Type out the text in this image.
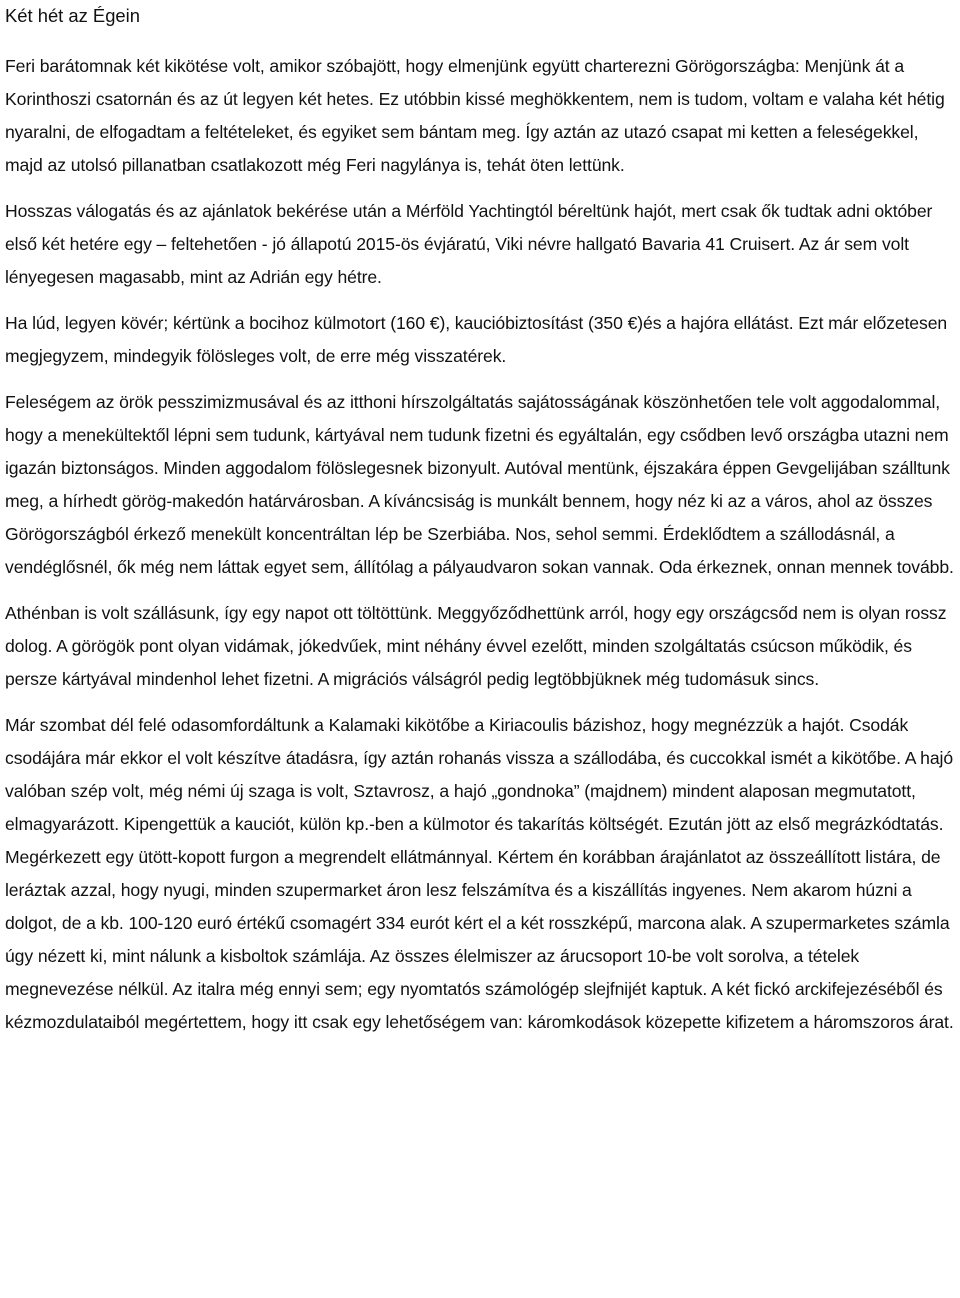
Két hét az Égein
Feri barátomnak két kikötése volt, amikor szóbajött, hogy elmenjünk együtt charterezni Görögországba: Menjünk át a Korinthoszi csatornán és az út legyen két hetes. Ez utóbbin kissé meghökkentem, nem is tudom, voltam e valaha két hétig nyaralni, de elfogadtam a feltételeket, és egyiket sem bántam meg. Így aztán az utazó csapat mi ketten a feleségekkel, majd az utolsó pillanatban csatlakozott még Feri nagylánya is, tehát öten lettünk.
Hosszas válogatás és az ajánlatok bekérése után a Mérföld Yachtingtól béreltünk hajót, mert csak ők tudtak adni október első két hetére egy – feltehetően - jó állapotú 2015-ös évjáratú, Viki névre hallgató Bavaria 41 Cruisert. Az ár sem volt lényegesen magasabb, mint az Adrián egy hétre.
Ha lúd, legyen kövér; kértünk a bocihoz külmotort (160 €), kaucióbiztosítást (350 €)és a hajóra ellátást. Ezt már előzetesen megjegyzem, mindegyik fölösleges volt, de erre még visszatérek.
Feleségem az örök pesszimizmusával és az itthoni hírszolgáltatás sajátosságának köszönhetően tele volt aggodalommal, hogy a menekültektől lépni sem tudunk, kártyával nem tudunk fizetni és egyáltalán, egy csődben levő országba utazni nem igazán biztonságos. Minden aggodalom fölöslegesnek bizonyult. Autóval mentünk, éjszakára éppen Gevgelijában szálltunk meg, a hírhedt görög-makedón határvárosban. A kíváncsiság is munkált bennem, hogy néz ki az a város, ahol az összes Görögországból érkező menekült koncentráltan lép be Szerbiába. Nos, sehol semmi. Érdeklődtem a szállodásnál, a vendéglősnél, ők még nem láttak egyet sem, állítólag a pályaudvaron sokan vannak. Oda érkeznek, onnan mennek tovább.
Athénban is volt szállásunk, így egy napot ott töltöttünk. Meggyőződhettünk arról, hogy egy országcsőd nem is olyan rossz dolog. A görögök pont olyan vidámak, jókedvűek, mint néhány évvel ezelőtt, minden szolgáltatás csúcson működik, és persze kártyával mindenhol lehet fizetni. A migrációs válságról pedig legtöbbjüknek még tudomásuk sincs.
Már szombat dél felé odasomfordáltunk a Kalamaki kikötőbe a Kiriacoulis bázishoz, hogy megnézzük a hajót. Csodák csodájára már ekkor el volt készítve átadásra, így aztán rohanás vissza a szállodába, és cuccokkal ismét a kikötőbe. A hajó valóban szép volt, még némi új szaga is volt, Sztavrosz, a hajó „gondnoka” (majdnem) mindent alaposan megmutatott, elmagyarázott. Kipengettük a kauciót, külön kp.-ben a külmotor és takarítás költségét. Ezután jött az első megrázkódtatás. Megérkezett egy ütött-kopott furgon a megrendelt ellátmánnyal. Kértem én korábban árajánlatot az összeállított listára, de leráztak azzal, hogy nyugi, minden szupermarket áron lesz felszámítva és a kiszállítás ingyenes. Nem akarom húzni a dolgot, de a kb. 100-120 euró értékű csomagért 334 eurót kért el a két rosszképű, marcona alak. A szupermarketes számla úgy nézett ki, mint nálunk a kisboltok számlája. Az összes élelmiszer az árucsoport 10-be volt sorolva, a tételek megnevezése nélkül. Az italra még ennyi sem; egy nyomtatós számológép slejfnijét kaptuk. A két fickó arckifejezéséből és kézmozdulataiból megértettem, hogy itt csak egy lehetőségem van: káromkodások közepette kifizetem a háromszoros árat.
